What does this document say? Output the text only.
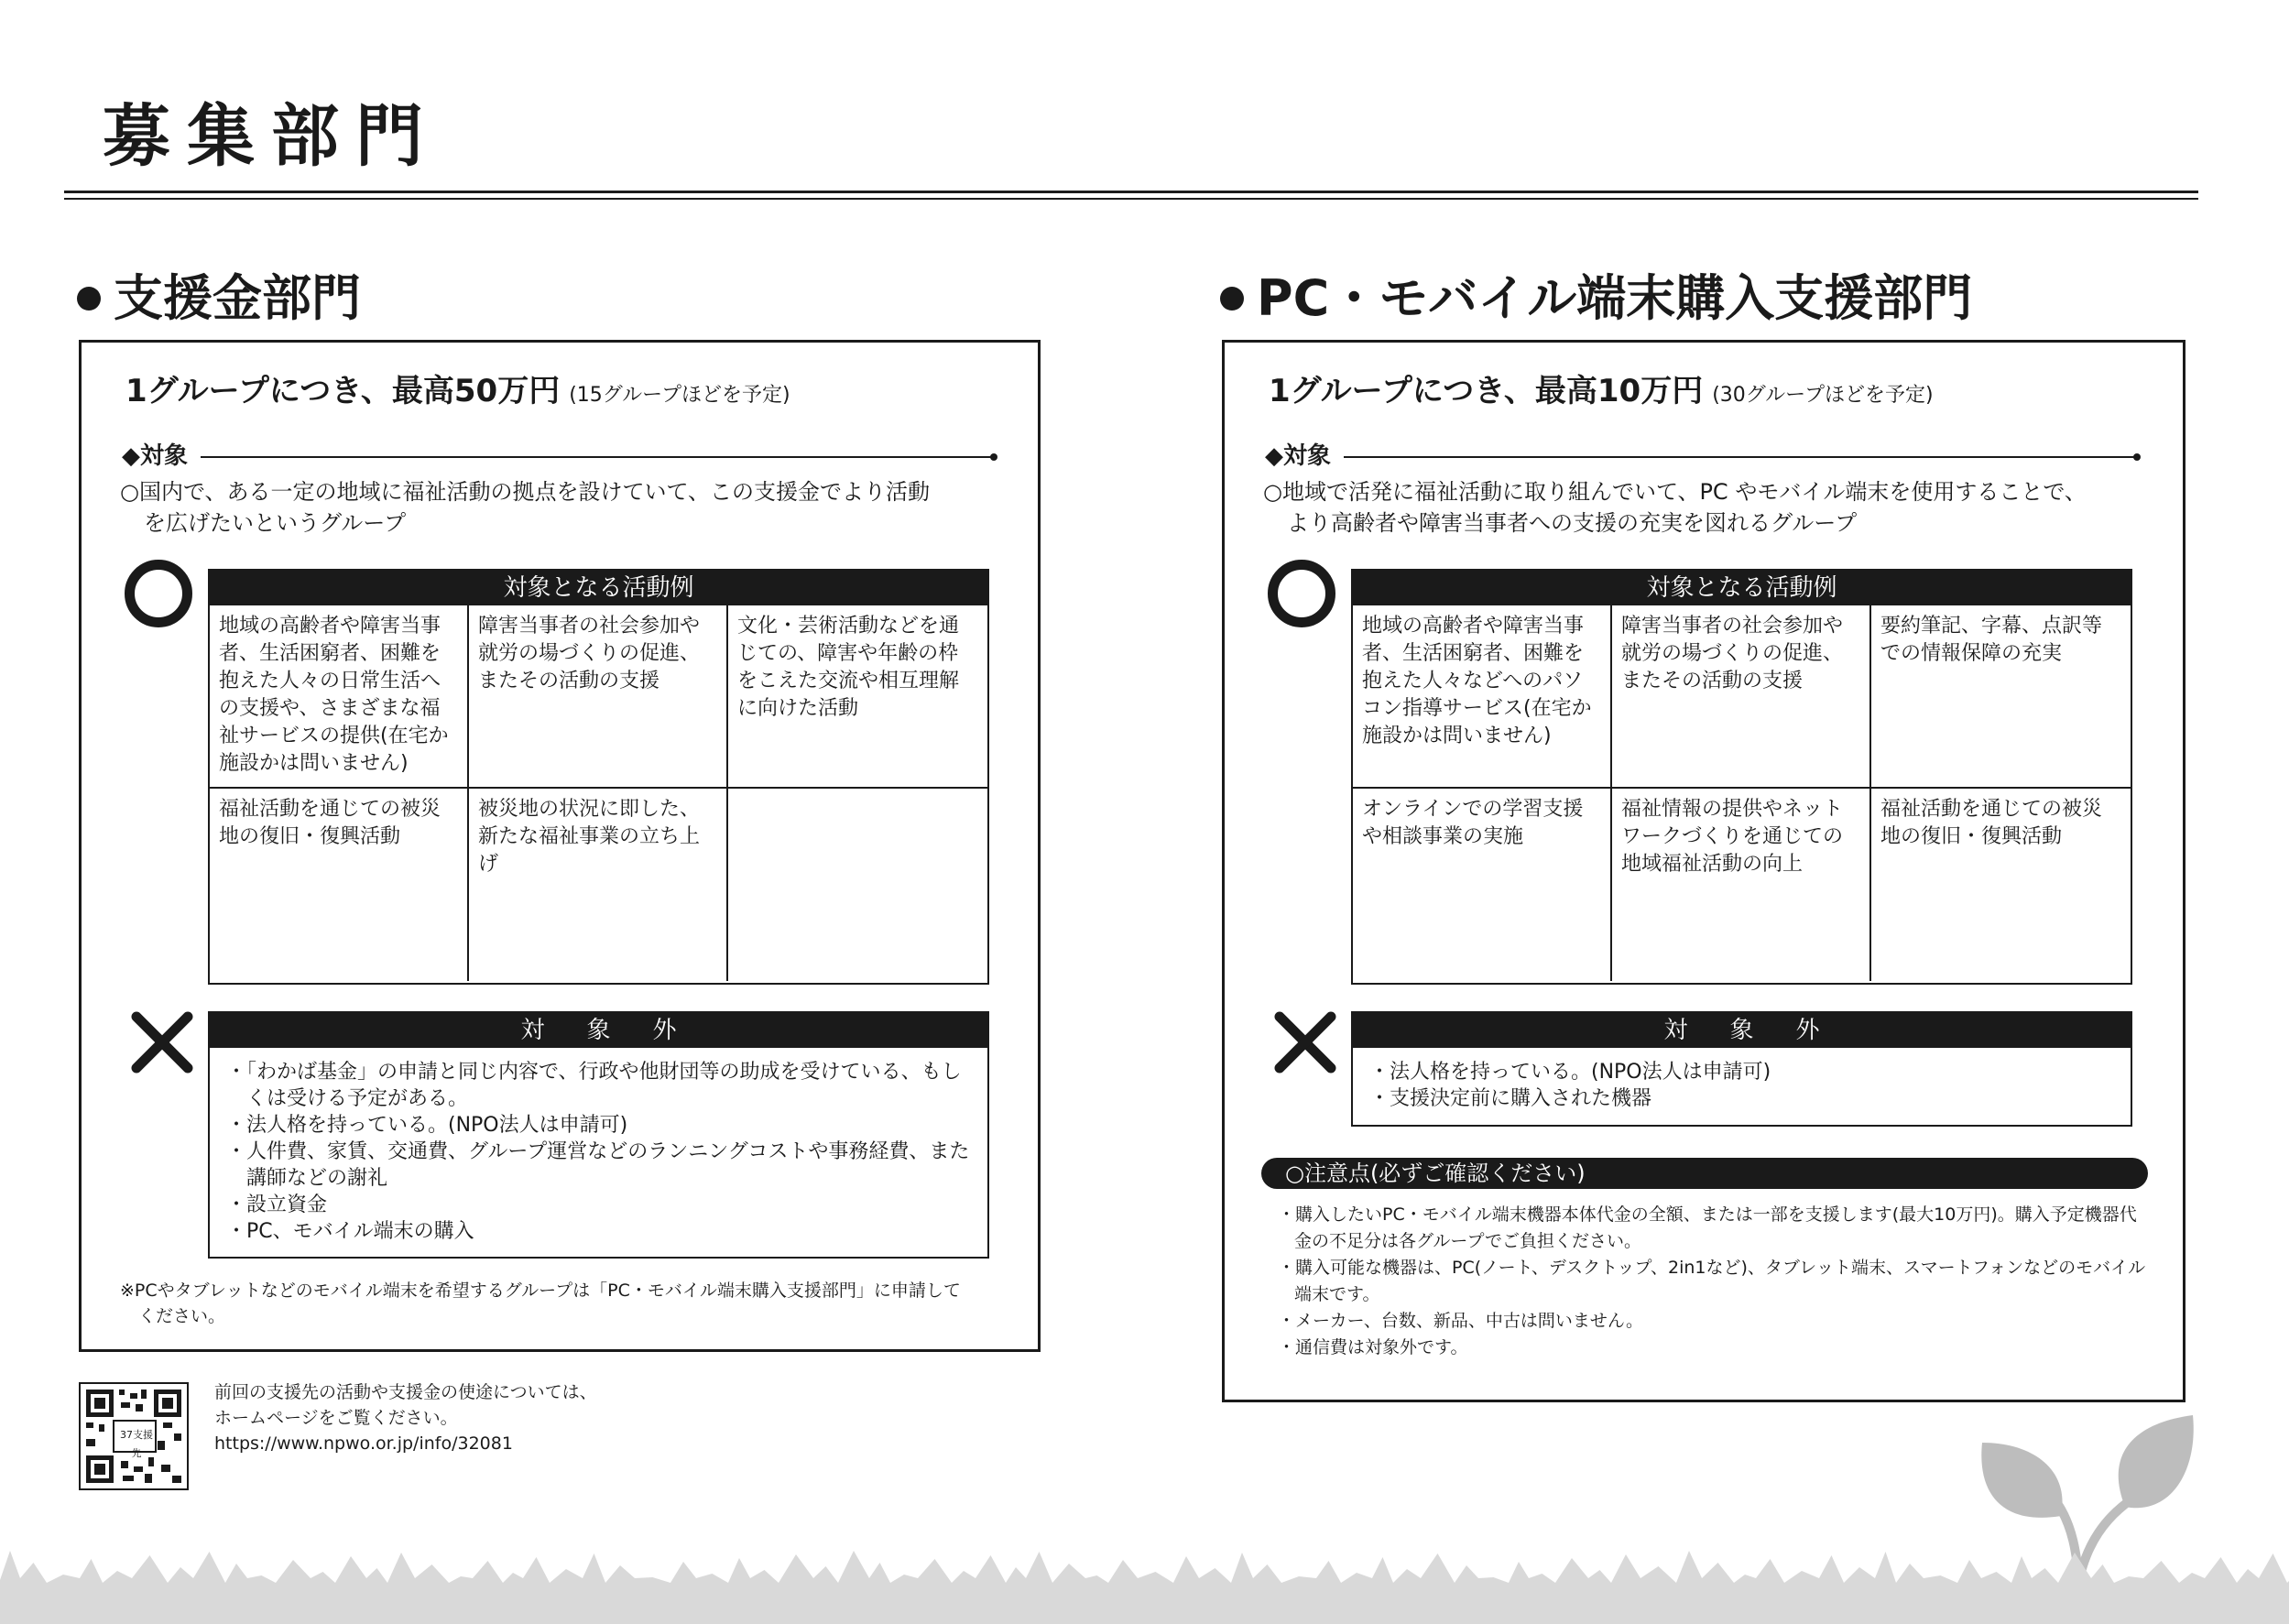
募集部門
支援金部門
1グループにつき、最高50万円 (15グループほどを予定)
◆対象
○国内で、ある一定の地域に福祉活動の拠点を設けていて、この支援金でより活動
を広げたいというグループ
対象となる活動例
地域の高齢者や障害当事者、生活困窮者、困難を抱えた人々の日常生活への支援や、さまざまな福祉サービスの提供(在宅か施設かは問いません)
障害当事者の社会参加や就労の場づくりの促進、またその活動の支援
文化・芸術活動などを通じての、障害や年齢の枠をこえた交流や相互理解に向けた活動
福祉活動を通じての被災地の復旧・復興活動
被災地の状況に即した、新たな福祉事業の立ち上げ
対象外
・「わかば基金」の申請と同じ内容で、行政や他財団等の助成を受けている、もしくは受ける予定がある。
・法人格を持っている。(NPO法人は申請可)
・人件費、家賃、交通費、グループ運営などのランニングコストや事務経費、また講師などの謝礼
・設立資金
・PC、モバイル端末の購入
※PCやタブレットなどのモバイル端末を希望するグループは「PC・モバイル端末購入支援部門」に申請して
ください。
37支援先
前回の支援先の活動や支援金の使途については、
ホームページをご覧ください。
https://www.npwo.or.jp/info/32081
PC・モバイル端末購入支援部門
1グループにつき、最高10万円 (30グループほどを予定)
◆対象
○地域で活発に福祉活動に取り組んでいて、PC やモバイル端末を使用することで、
より高齢者や障害当事者への支援の充実を図れるグループ
対象となる活動例
地域の高齢者や障害当事者、生活困窮者、困難を抱えた人々などへのパソコン指導サービス(在宅か施設かは問いません)
障害当事者の社会参加や就労の場づくりの促進、またその活動の支援
要約筆記、字幕、点訳等での情報保障の充実
オンラインでの学習支援や相談事業の実施
福祉情報の提供やネットワークづくりを通じての地域福祉活動の向上
福祉活動を通じての被災地の復旧・復興活動
対象外
・法人格を持っている。(NPO法人は申請可)
・支援決定前に購入された機器
○注意点(必ずご確認ください)
・購入したいPC・モバイル端末機器本体代金の全額、または一部を支援します(最大10万円)。購入予定機器代金の不足分は各グループでご負担ください。
・購入可能な機器は、PC(ノート、デスクトップ、2in1など)、タブレット端末、スマートフォンなどのモバイル端末です。
・メーカー、台数、新品、中古は問いません。
・通信費は対象外です。
